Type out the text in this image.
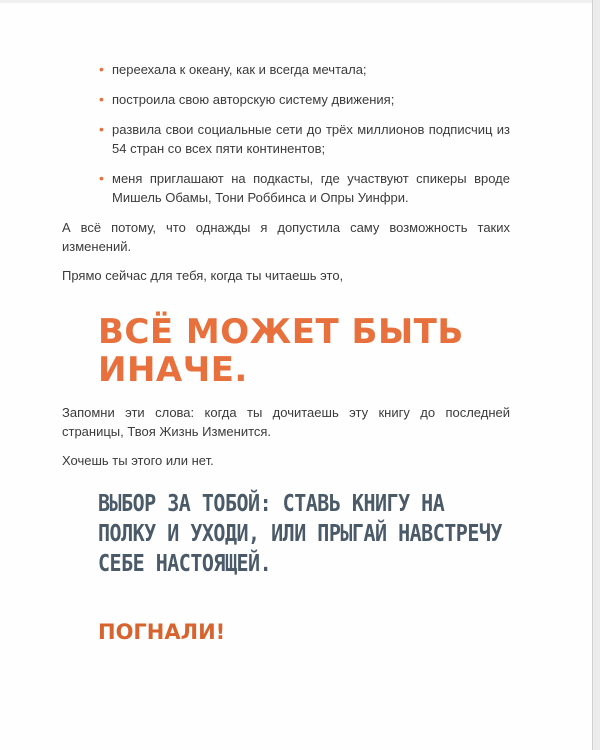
• переехала к океану, как и всегда мечтала;
• построила свою авторскую систему движения;
• развила свои социальные сети до трёх миллионов подписчиц из 54 стран со всех пяти континентов;
• меня приглашают на подкасты, где участвуют спикеры вроде Мишель Обамы, Тони Роббинса и Опры Уинфри.

А всё потому, что однажды я допустила саму возможность таких изменений.

Прямо сейчас для тебя, когда ты читаешь это,

ВСЁ МОЖЕТ БЫТЬ ИНАЧЕ.

Запомни эти слова: когда ты дочитаешь эту книгу до последней страницы, Твоя Жизнь Изменится.

Хочешь ты этого или нет.

ВЫБОР ЗА ТОБОЙ: СТАВЬ КНИГУ НА ПОЛКУ И УХОДИ, ИЛИ ПРЫГАЙ НАВСТРЕЧУ СЕБЕ НАСТОЯЩЕЙ.
ПОГНАЛИ!
